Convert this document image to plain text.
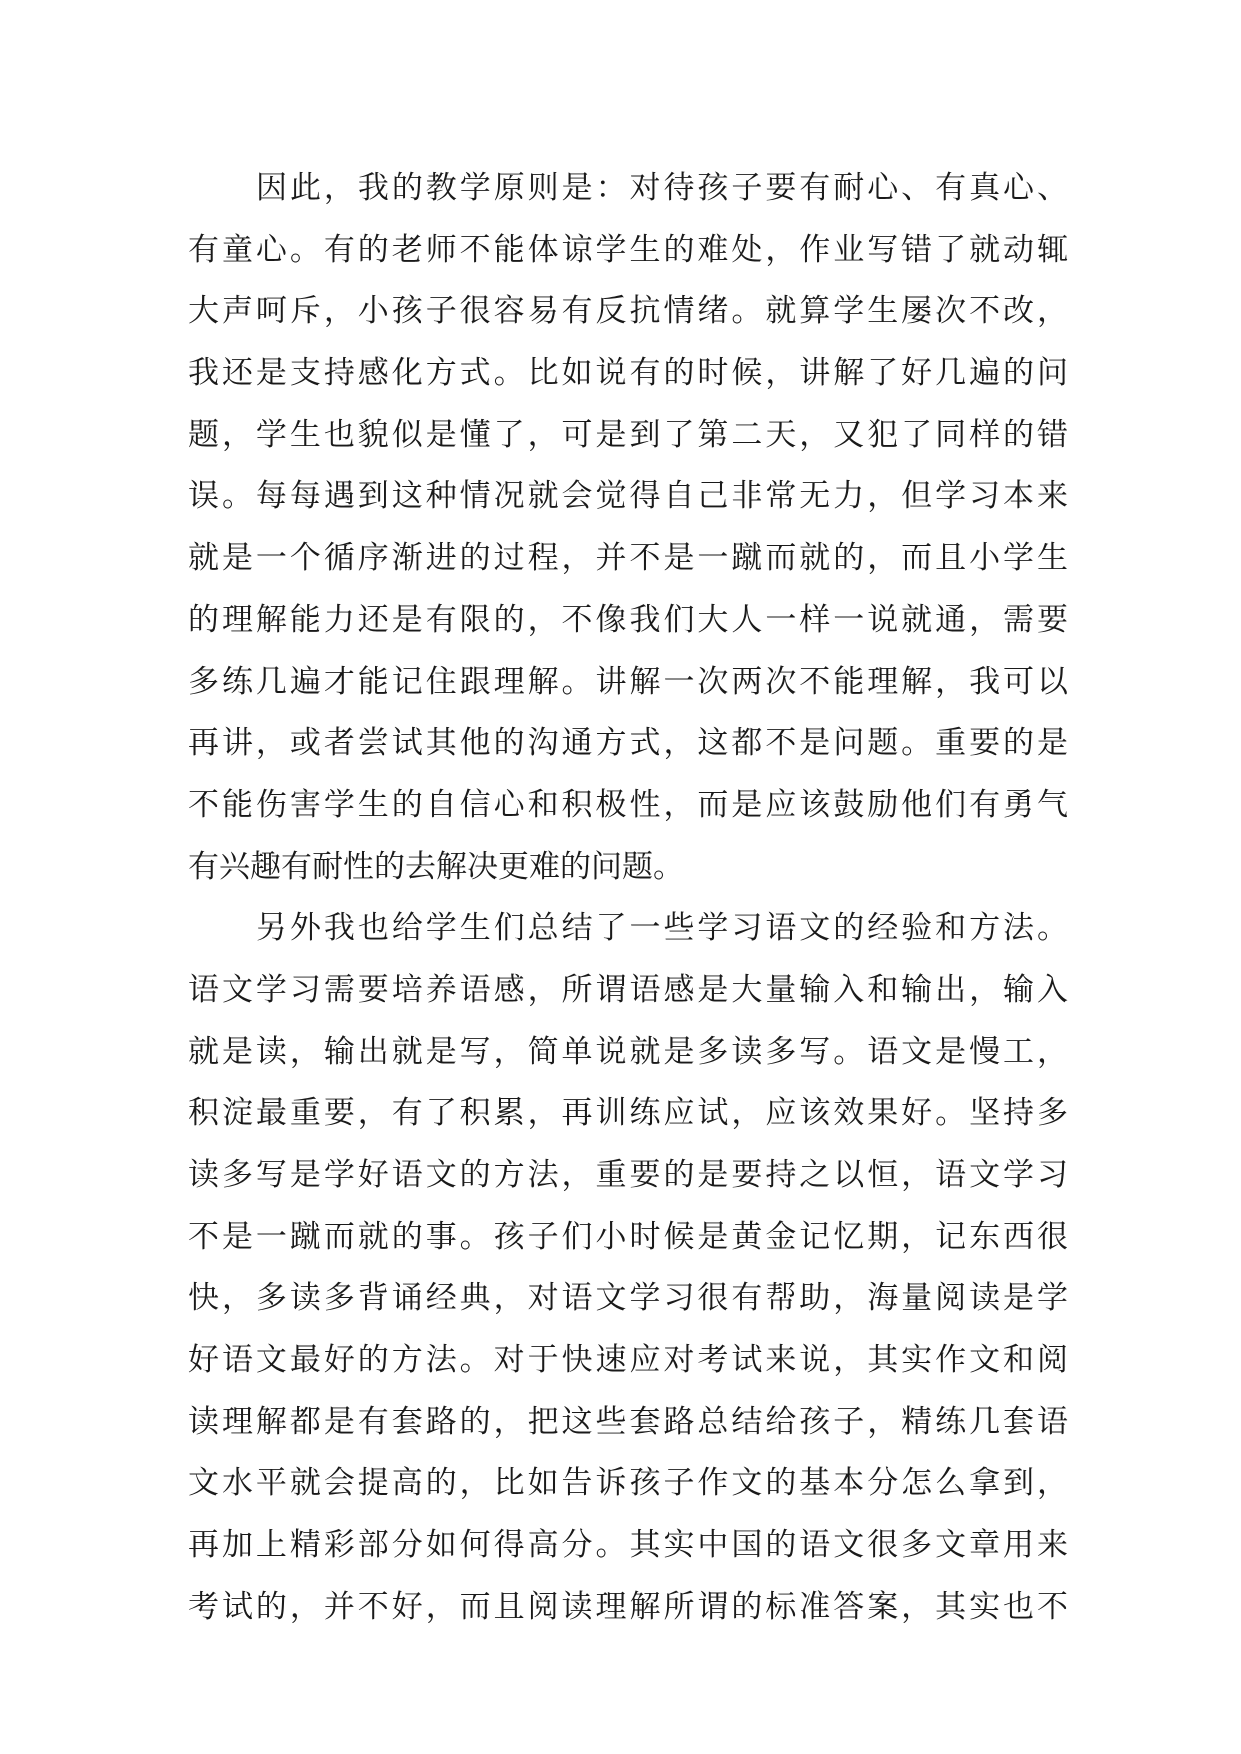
因此，我的教学原则是：对待孩子要有耐心、有真心、
有童心。有的老师不能体谅学生的难处，作业写错了就动辄
大声呵斥，小孩子很容易有反抗情绪。就算学生屡次不改，
我还是支持感化方式。比如说有的时候，讲解了好几遍的问
题，学生也貌似是懂了，可是到了第二天，又犯了同样的错
误。每每遇到这种情况就会觉得自己非常无力，但学习本来
就是一个循序渐进的过程，并不是一蹴而就的，而且小学生
的理解能力还是有限的，不像我们大人一样一说就通，需要
多练几遍才能记住跟理解。讲解一次两次不能理解，我可以
再讲，或者尝试其他的沟通方式，这都不是问题。重要的是
不能伤害学生的自信心和积极性，而是应该鼓励他们有勇气
有兴趣有耐性的去解决更难的问题。
另外我也给学生们总结了一些学习语文的经验和方法。
语文学习需要培养语感，所谓语感是大量输入和输出，输入
就是读，输出就是写，简单说就是多读多写。语文是慢工，
积淀最重要，有了积累，再训练应试，应该效果好。坚持多
读多写是学好语文的方法，重要的是要持之以恒，语文学习
不是一蹴而就的事。孩子们小时候是黄金记忆期，记东西很
快，多读多背诵经典，对语文学习很有帮助，海量阅读是学
好语文最好的方法。对于快速应对考试来说，其实作文和阅
读理解都是有套路的，把这些套路总结给孩子，精练几套语
文水平就会提高的，比如告诉孩子作文的基本分怎么拿到，
再加上精彩部分如何得高分。其实中国的语文很多文章用来
考试的，并不好，而且阅读理解所谓的标准答案，其实也不
